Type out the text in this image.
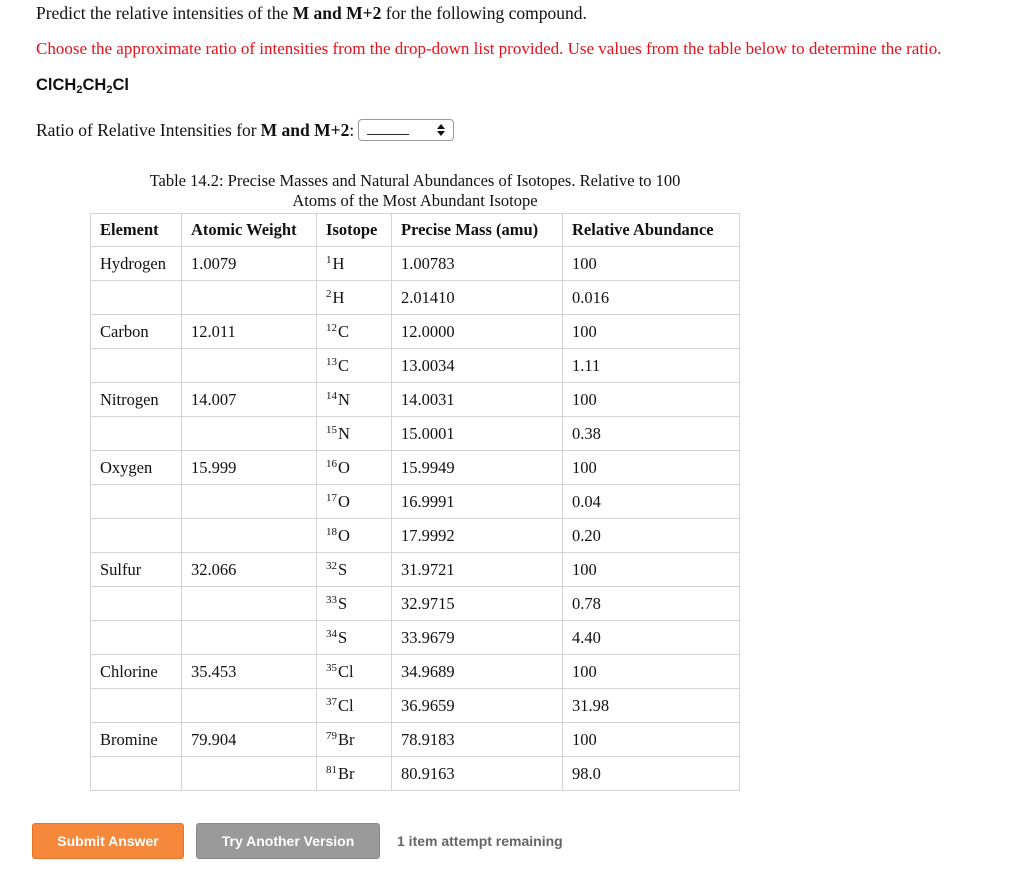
Predict the relative intensities of the M and M+2 for the following compound.
Choose the approximate ratio of intensities from the drop-down list provided. Use values from the table below to determine the ratio.
$ClCH_2CH_2Cl$
Ratio of Relative Intensities for M and M+2 : ______
Table 14.2: Precise Masses and Natural Abundances of Isotopes. Relative to 100
Atoms of the Most Abundant Isotope
Element	Atomic Weight	Isotope	Precise Mass (amu)	Relative Abundance
Hydrogen	1.0079	$^1$H	1.00783	100
		$^2$H	2.01410	0.016
Carbon	12.011	$^{12}$C	12.0000	100
		$^{13}$C	13.0034	1.11
Nitrogen	14.007	$^{14}$N	14.0031	100
		$^{15}$N	15.0001	0.38
Oxygen	15.999	$^{16}$O	15.9949	100
		$^{17}$O	16.9991	0.04
		$^{18}$O	17.9992	0.20
Sulfur	32.066	$^{32}$S	31.9721	100
		$^{33}$S	32.9715	0.78
		$^{34}$S	33.9679	4.40
Chlorine	35.453	$^{35}$Cl	34.9689	100
		$^{37}$Cl	36.9659	31.98
Bromine	79.904	$^{79}$Br	78.9183	100
		$^{81}$Br	80.9163	98.0
Submit Answer	Try Another Version	1 item attempt remaining
